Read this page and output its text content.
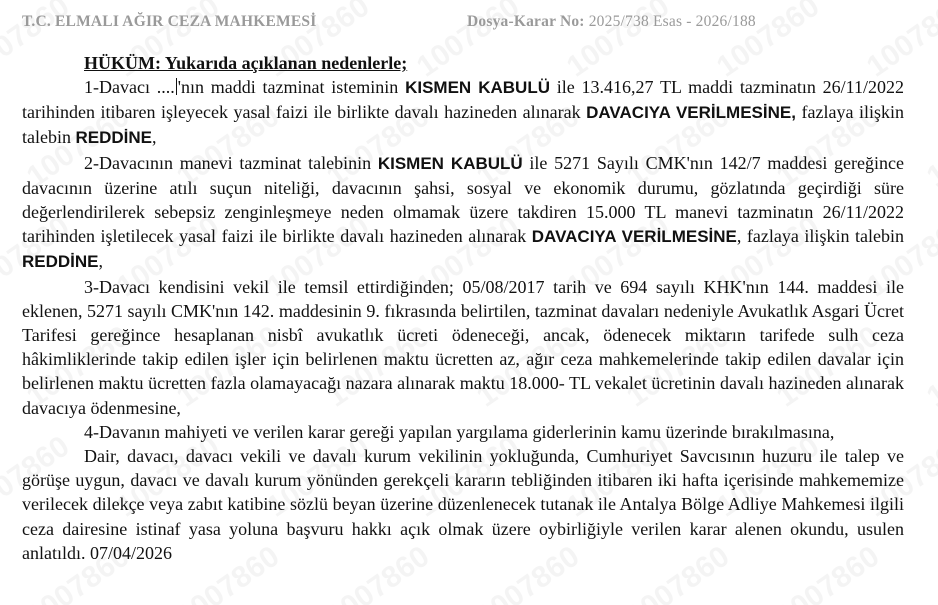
T.C. ELMALI AĞIR CEZA MAHKEMESİ	Dosya-Karar No: 2025/738 Esas - 2026/188

HÜKÜM: Yukarıda açıklanan nedenlerle;

1-Davacı .... 'nın maddi tazminat isteminin KISMEN KABULÜ ile 13.416,27 TL maddi tazminatın 26/11/2022 tarihinden itibaren işleyecek yasal faizi ile birlikte davalı hazineden alınarak DAVACIYA VERİLMESİNE, fazlaya ilişkin talebin REDDİNE,

2-Davacının manevi tazminat talebinin KISMEN KABULÜ ile 5271 Sayılı CMK'nın 142/7 maddesi gereğince davacının üzerine atılı suçun niteliği, davacının şahsi, sosyal ve ekonomik durumu, gözlatında geçirdiği süre değerlendirilerek sebepsiz zenginleşmeye neden olmamak üzere takdiren 15.000 TL manevi tazminatın 26/11/2022 tarihinden işletilecek yasal faizi ile birlikte davalı hazineden alınarak DAVACIYA VERİLMESİNE, fazlaya ilişkin talebin REDDİNE,

3-Davacı kendisini vekil ile temsil ettirdiğinden; 05/08/2017 tarih ve 694 sayılı KHK'nın 144. maddesi ile eklenen, 5271 sayılı CMK'nın 142. maddesinin 9. fıkrasında belirtilen, tazminat davaları nedeniyle Avukatlık Asgari Ücret Tarifesi gereğince hesaplanan nisbî avukatlık ücreti ödeneceği, ancak, ödenecek miktarın tarifede sulh ceza hâkimliklerinde takip edilen işler için belirlenen maktu ücretten az, ağır ceza mahkemelerinde takip edilen davalar için belirlenen maktu ücretten fazla olamayacağı nazara alınarak maktu 18.000- TL vekalet ücretinin davalı hazineden alınarak davacıya ödenmesine,

4-Davanın mahiyeti ve verilen karar gereği yapılan yargılama giderlerinin kamu üzerinde bırakılmasına,

Dair, davacı, davacı vekili ve davalı kurum vekilinin yokluğunda, Cumhuriyet Savcısının huzuru ile talep ve görüşe uygun, davacı ve davalı kurum yönünden gerekçeli kararın tebliğinden itibaren iki hafta içerisinde mahkememize verilecek dilekçe veya zabıt katibine sözlü beyan üzerine düzenlenecek tutanak ile Antalya Bölge Adliye Mahkemesi ilgili ceza dairesine istinaf yasa yoluna başvuru hakkı açık olmak üzere oybirliğiyle verilen karar alenen okundu, usulen anlatıldı. 07/04/2026
